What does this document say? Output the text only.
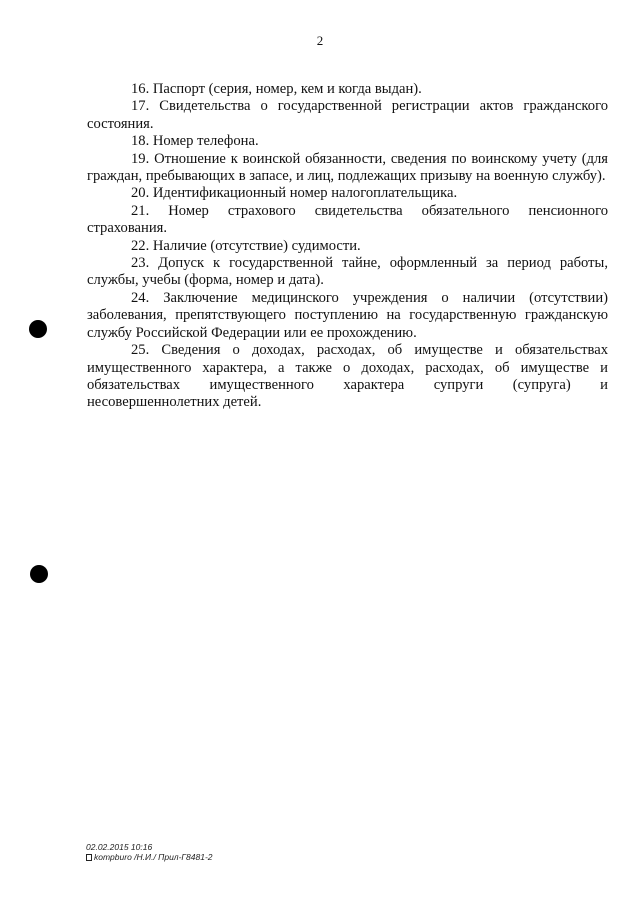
2

16. Паспорт (серия, номер, кем и когда выдан).

17. Свидетельства о государственной регистрации актов гражданского состояния.

18. Номер телефона.

19. Отношение к воинской обязанности, сведения по воинскому учету (для граждан, пребывающих в запасе, и лиц, подлежащих призыву на военную службу).

20. Идентификационный номер налогоплательщика.

21. Номер страхового свидетельства обязательного пенсионного страхования.

22. Наличие (отсутствие) судимости.

23. Допуск к государственной тайне, оформленный за период работы, службы, учебы (форма, номер и дата).

24. Заключение медицинского учреждения о наличии (отсутствии) заболевания, препятствующего поступлению на государственную гражданскую службу Российской Федерации или ее прохождению.

25. Сведения о доходах, расходах, об имуществе и обязательствах имущественного характера, а также о доходах, расходах, об имуществе и обязательствах имущественного характера супруги (супруга) и несовершеннолетних детей.

02.02.2015 10:16
kompburo /Н.И./ Прил-Г8481-2
